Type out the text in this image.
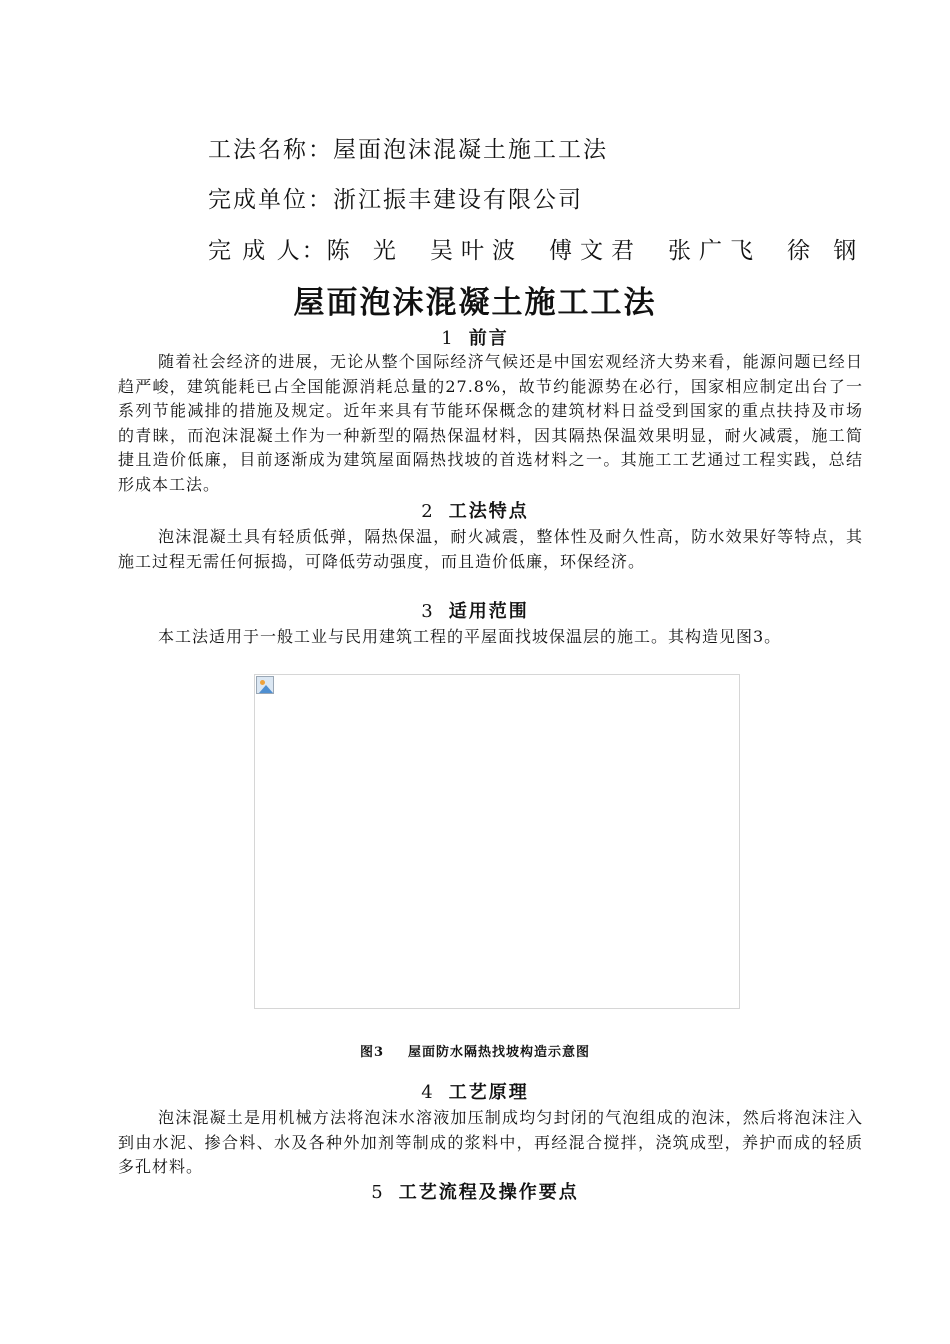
工法名称：屋面泡沫混凝土施工工法
完成单位：浙江振丰建设有限公司
完 成 人：陈 光 吴叶波 傅文君 张广飞 徐 钢
屋面泡沫混凝土施工工法
1 前言

随着社会经济的进展，无论从整个国际经济气候还是中国宏观经济大势来看，能源问题已经日趋严峻，建筑能耗已占全国能源消耗总量的27.8%，故节约能源势在必行，国家相应制定出台了一系列节能减排的措施及规定。近年来具有节能环保概念的建筑材料日益受到国家的重点扶持及市场的青睐，而泡沫混凝土作为一种新型的隔热保温材料，因其隔热保温效果明显，耐火减震，施工简捷且造价低廉，目前逐渐成为建筑屋面隔热找坡的首选材料之一。其施工工艺通过工程实践，总结形成本工法。

2 工法特点

泡沫混凝土具有轻质低弹，隔热保温，耐火减震，整体性及耐久性高，防水效果好等特点，其施工过程无需任何振捣，可降低劳动强度，而且造价低廉，环保经济。

3 适用范围

本工法适用于一般工业与民用建筑工程的平屋面找坡保温层的施工。其构造见图3。

图3 屋面防水隔热找坡构造示意图
4 工艺原理

泡沫混凝土是用机械方法将泡沫水溶液加压制成均匀封闭的气泡组成的泡沫，然后将泡沫注入到由水泥、掺合料、水及各种外加剂等制成的浆料中，再经混合搅拌，浇筑成型，养护而成的轻质多孔材料。

5 工艺流程及操作要点
